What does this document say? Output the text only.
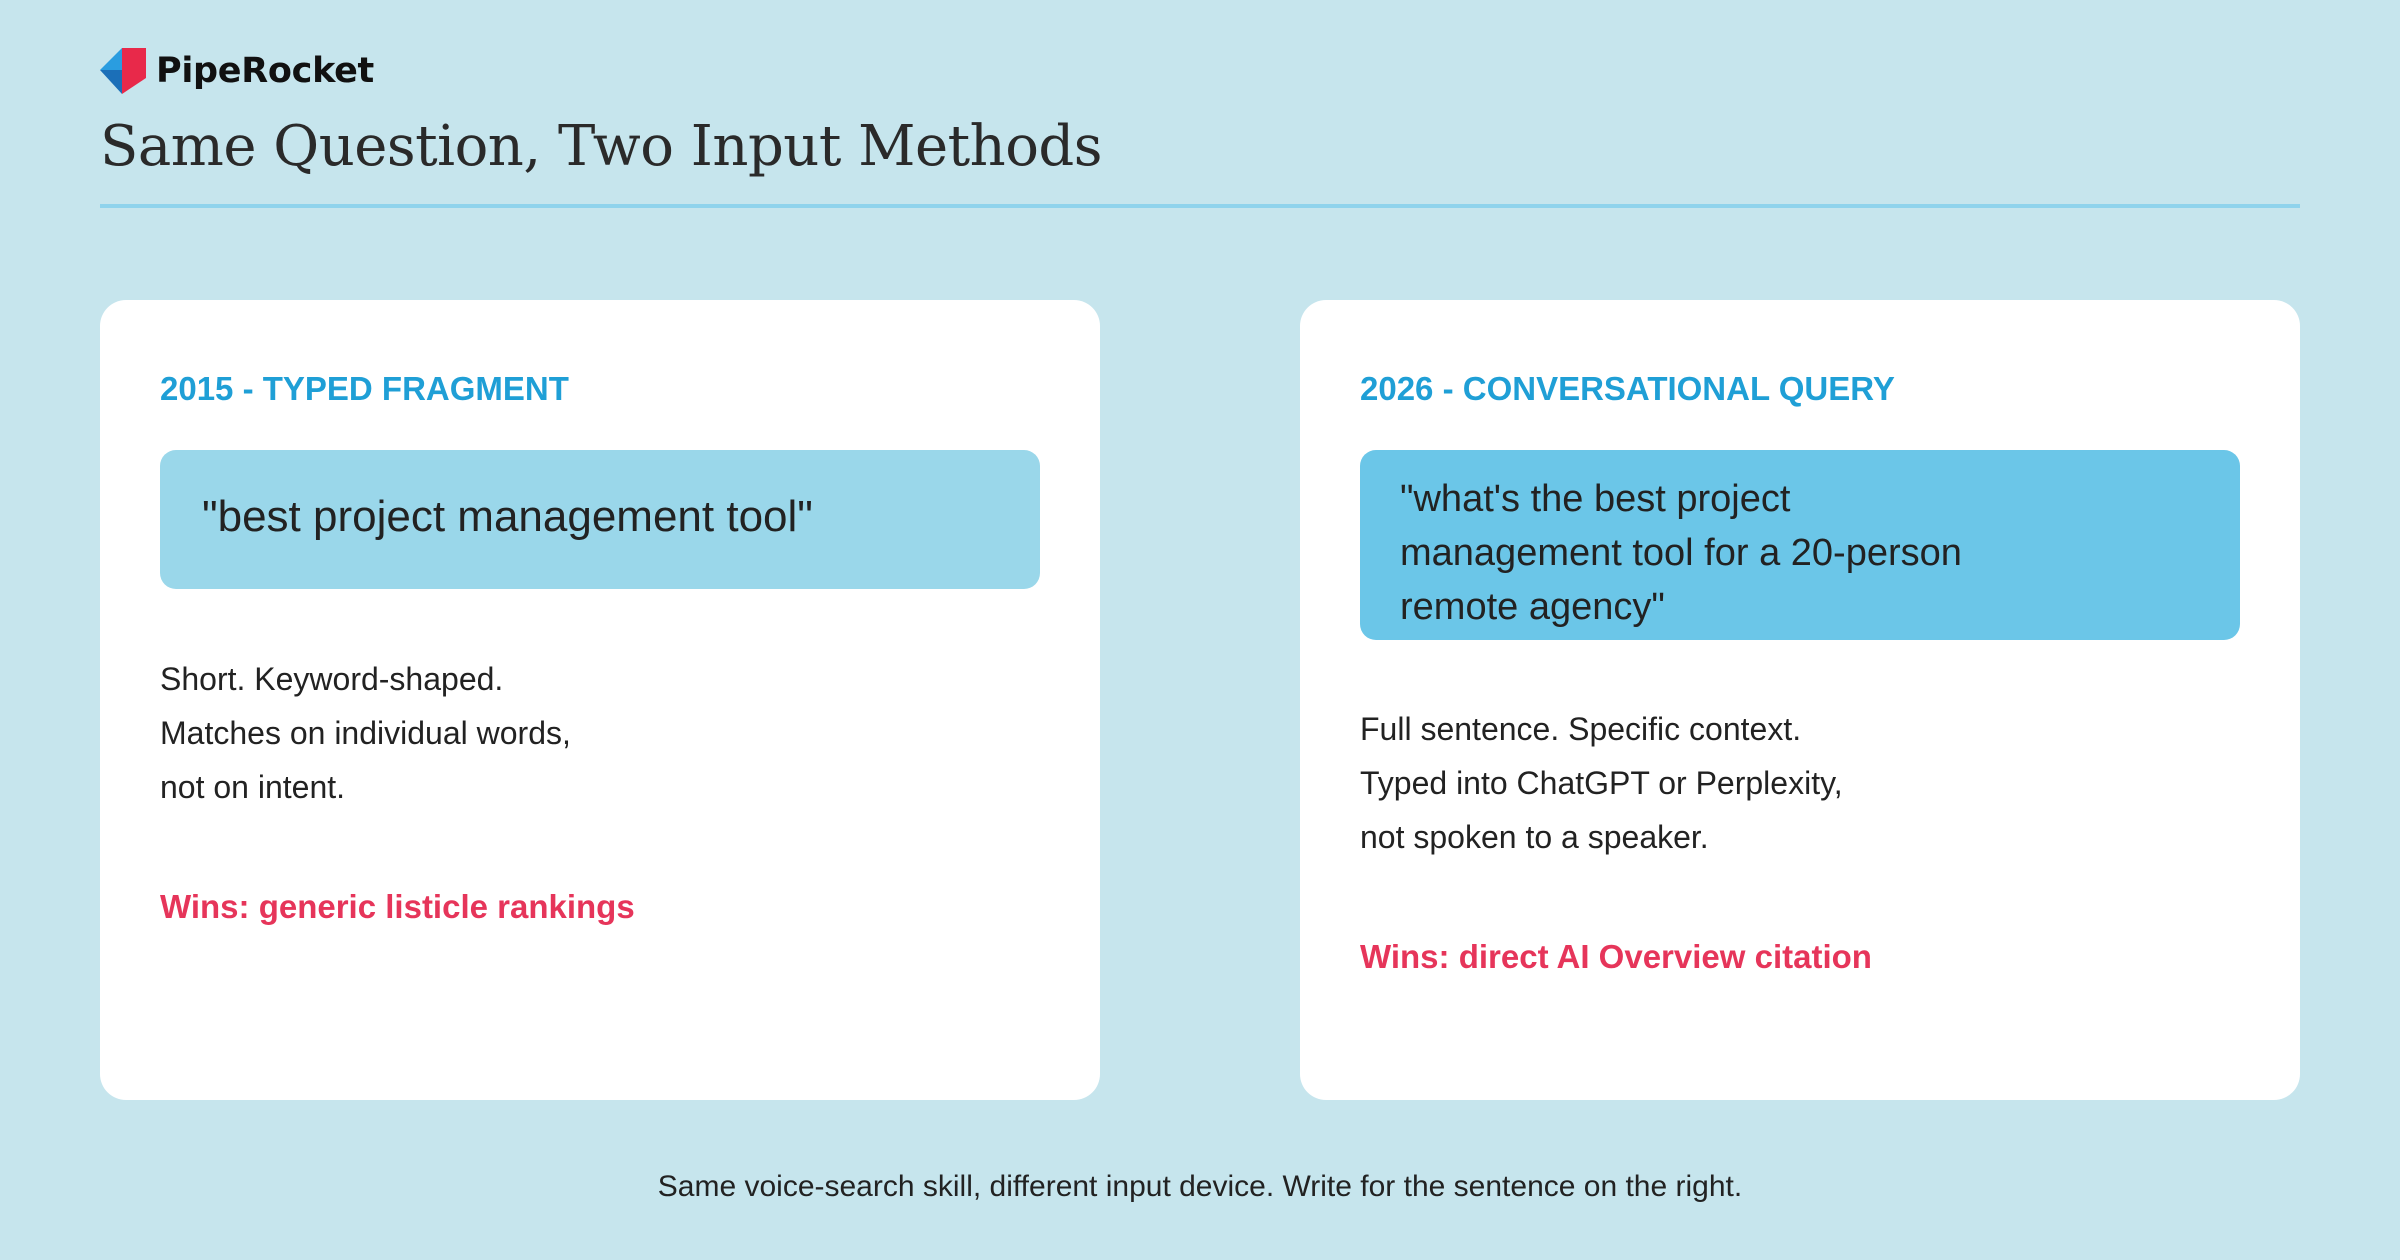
PipeRocket
Same Question, Two Input Methods
2015 - TYPED FRAGMENT
"best project management tool"
Short. Keyword-shaped.
Matches on individual words,
not on intent.
Wins: generic listicle rankings
2026 - CONVERSATIONAL QUERY
"what's the best project management tool for a 20-person remote agency"
Full sentence. Specific context.
Typed into ChatGPT or Perplexity,
not spoken to a speaker.
Wins: direct AI Overview citation
Same voice-search skill, different input device. Write for the sentence on the right.
